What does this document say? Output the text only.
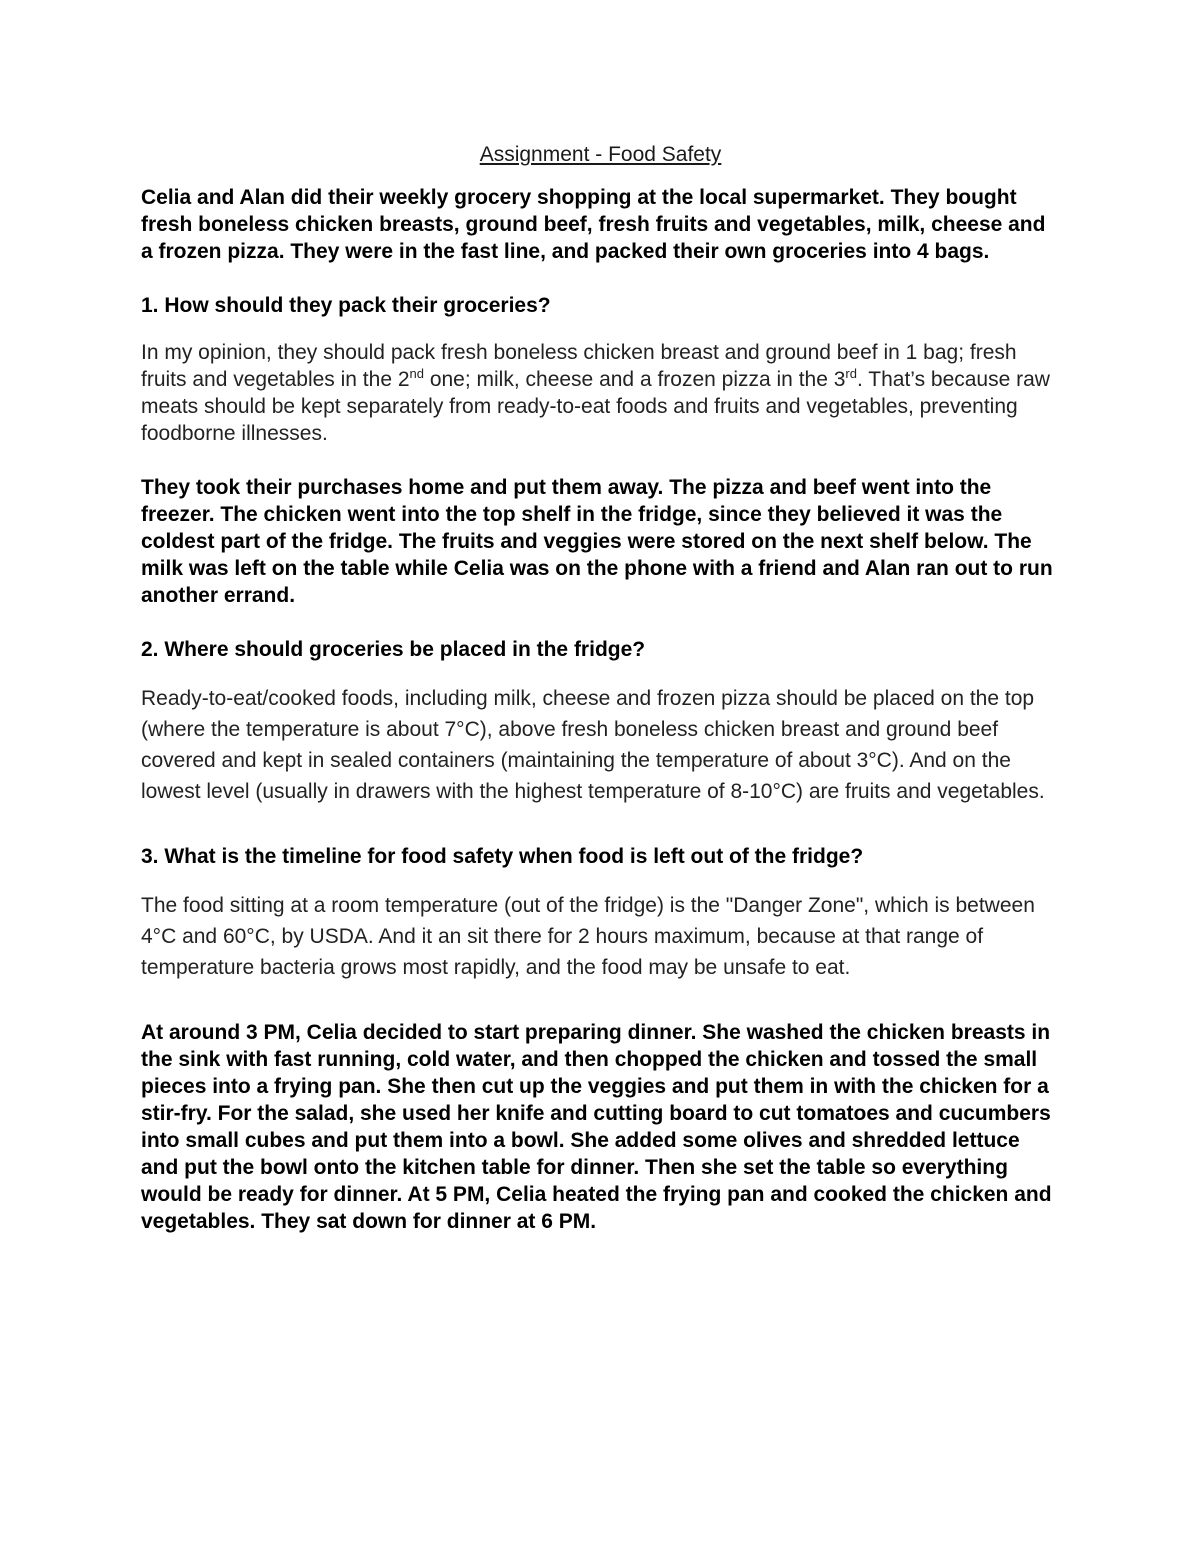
Assignment - Food Safety

Celia and Alan did their weekly grocery shopping at the local supermarket. They bought fresh boneless chicken breasts, ground beef, fresh fruits and vegetables, milk, cheese and a frozen pizza. They were in the fast line, and packed their own groceries into 4 bags.

1. How should they pack their groceries?

In my opinion, they should pack fresh boneless chicken breast and ground beef in 1 bag; fresh fruits and vegetables in the 2nd one; milk, cheese and a frozen pizza in the 3rd. That’s because raw meats should be kept separately from ready-to-eat foods and fruits and vegetables, preventing foodborne illnesses.

They took their purchases home and put them away. The pizza and beef went into the freezer. The chicken went into the top shelf in the fridge, since they believed it was the coldest part of the fridge. The fruits and veggies were stored on the next shelf below. The milk was left on the table while Celia was on the phone with a friend and Alan ran out to run another errand.

2. Where should groceries be placed in the fridge?

Ready-to-eat/cooked foods, including milk, cheese and frozen pizza should be placed on the top (where the temperature is about 7°C), above fresh boneless chicken breast and ground beef covered and kept in sealed containers (maintaining the temperature of about 3°C). And on the lowest level (usually in drawers with the highest temperature of 8-10°C) are fruits and vegetables.

3. What is the timeline for food safety when food is left out of the fridge?

The food sitting at a room temperature (out of the fridge) is the "Danger Zone", which is between 4°C and 60°C, by USDA. And it an sit there for 2 hours maximum, because at that range of temperature bacteria grows most rapidly, and the food may be unsafe to eat.

At around 3 PM, Celia decided to start preparing dinner. She washed the chicken breasts in the sink with fast running, cold water, and then chopped the chicken and tossed the small pieces into a frying pan. She then cut up the veggies and put them in with the chicken for a stir-fry. For the salad, she used her knife and cutting board to cut tomatoes and cucumbers into small cubes and put them into a bowl. She added some olives and shredded lettuce and put the bowl onto the kitchen table for dinner. Then she set the table so everything would be ready for dinner. At 5 PM, Celia heated the frying pan and cooked the chicken and vegetables. They sat down for dinner at 6 PM.
